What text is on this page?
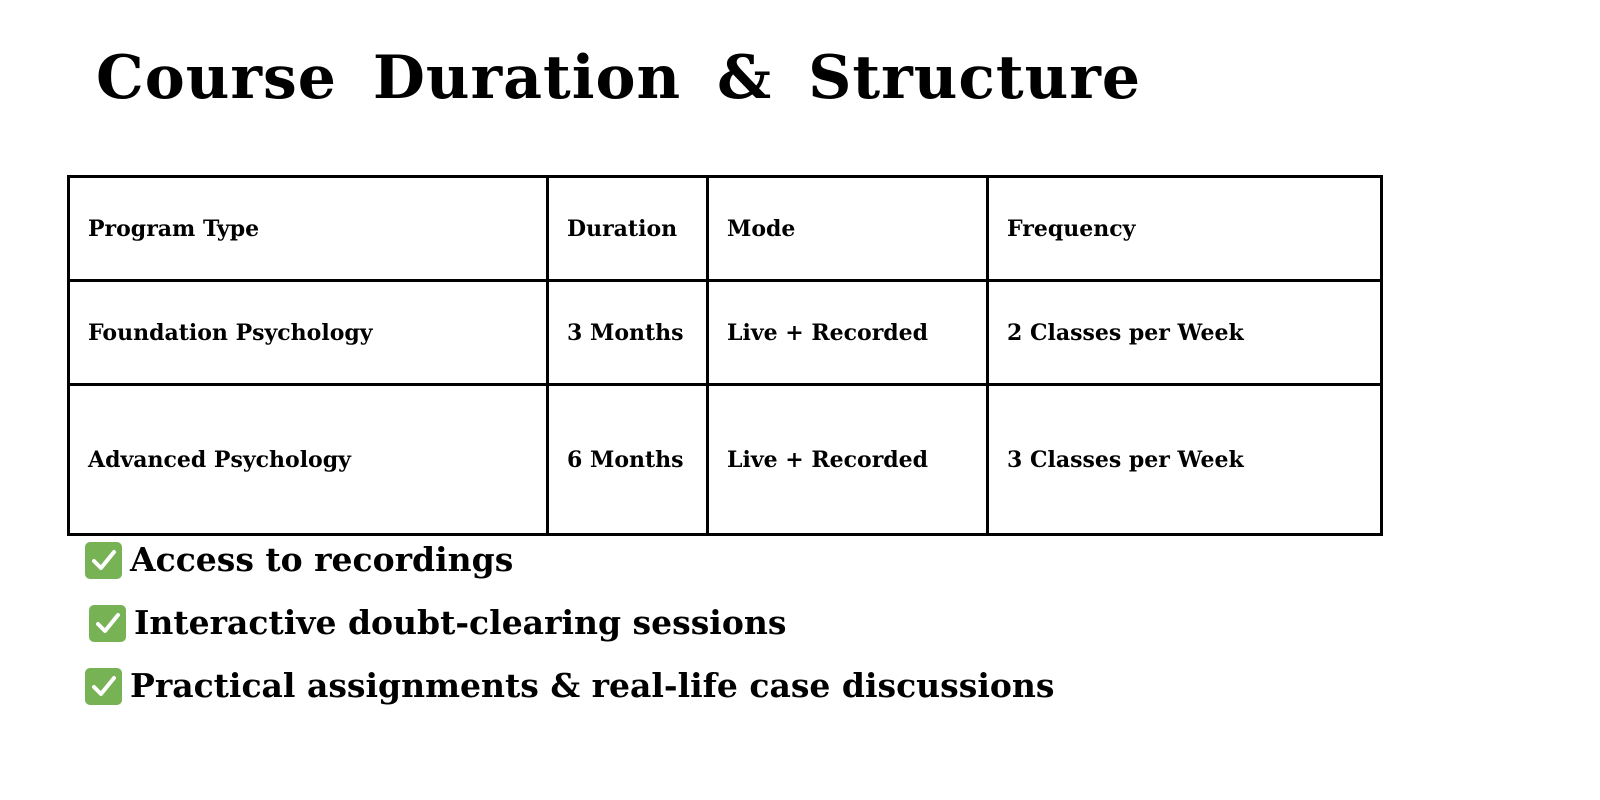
Course Duration & Structure
Program Type	Duration	Mode	Frequency
Foundation Psychology	3 Months	Live + Recorded	2 Classes per Week
Advanced Psychology	6 Months	Live + Recorded	3 Classes per Week
Access to recordings
Interactive doubt-clearing sessions
Practical assignments & real-life case discussions
